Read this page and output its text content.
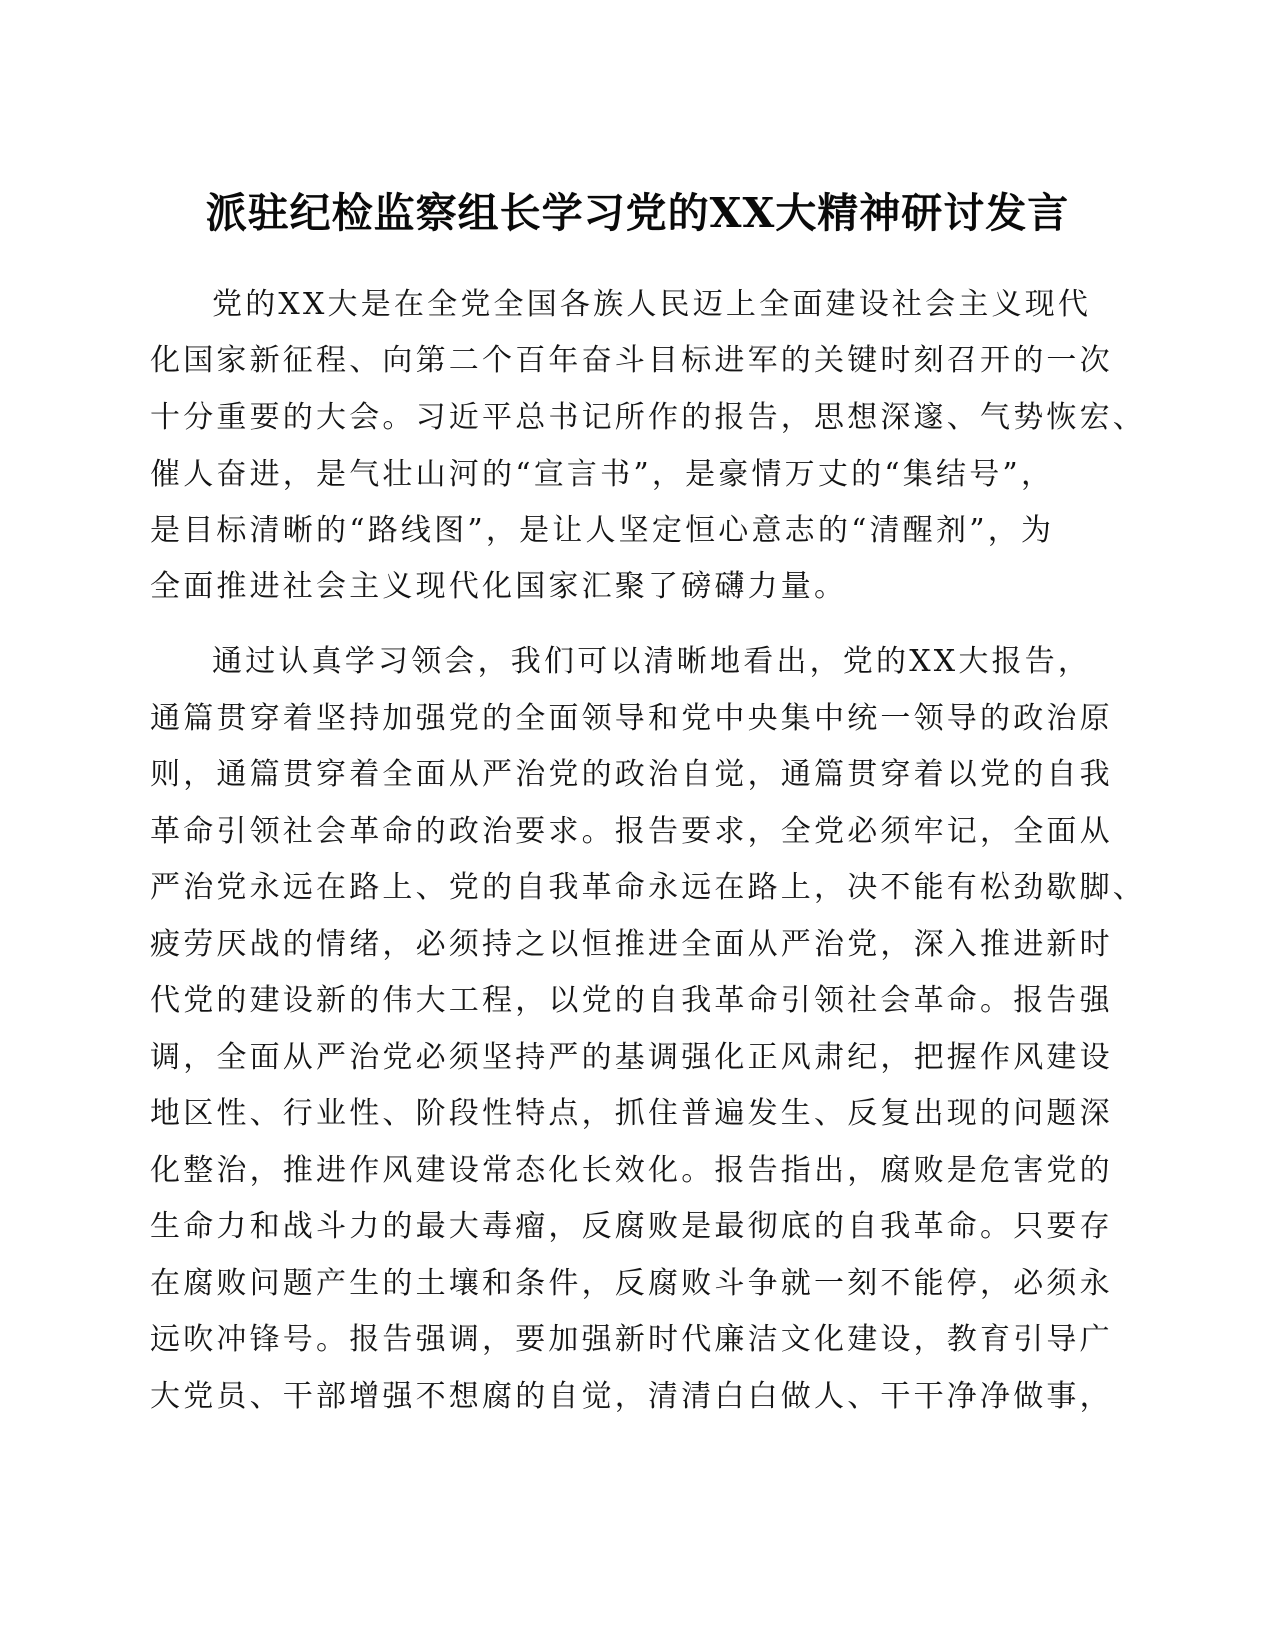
派驻纪检监察组长学习党的XX大精神研讨发言
党的XX大是在全党全国各族人民迈上全面建设社会主义现代
化国家新征程、向第二个百年奋斗目标进军的关键时刻召开的一次
十分重要的大会。习近平总书记所作的报告，思想深邃、气势恢宏、
催人奋进，是气壮山河的“宣言书”，是豪情万丈的“集结号”，
是目标清晰的“路线图”，是让人坚定恒心意志的“清醒剂”，为
全面推进社会主义现代化国家汇聚了磅礴力量。
通过认真学习领会，我们可以清晰地看出，党的XX大报告，
通篇贯穿着坚持加强党的全面领导和党中央集中统一领导的政治原
则，通篇贯穿着全面从严治党的政治自觉，通篇贯穿着以党的自我
革命引领社会革命的政治要求。报告要求，全党必须牢记，全面从
严治党永远在路上、党的自我革命永远在路上，决不能有松劲歇脚、
疲劳厌战的情绪，必须持之以恒推进全面从严治党，深入推进新时
代党的建设新的伟大工程，以党的自我革命引领社会革命。报告强
调，全面从严治党必须坚持严的基调强化正风肃纪，把握作风建设
地区性、行业性、阶段性特点，抓住普遍发生、反复出现的问题深
化整治，推进作风建设常态化长效化。报告指出，腐败是危害党的
生命力和战斗力的最大毒瘤，反腐败是最彻底的自我革命。只要存
在腐败问题产生的土壤和条件，反腐败斗争就一刻不能停，必须永
远吹冲锋号。报告强调，要加强新时代廉洁文化建设，教育引导广
大党员、干部增强不想腐的自觉，清清白白做人、干干净净做事，
